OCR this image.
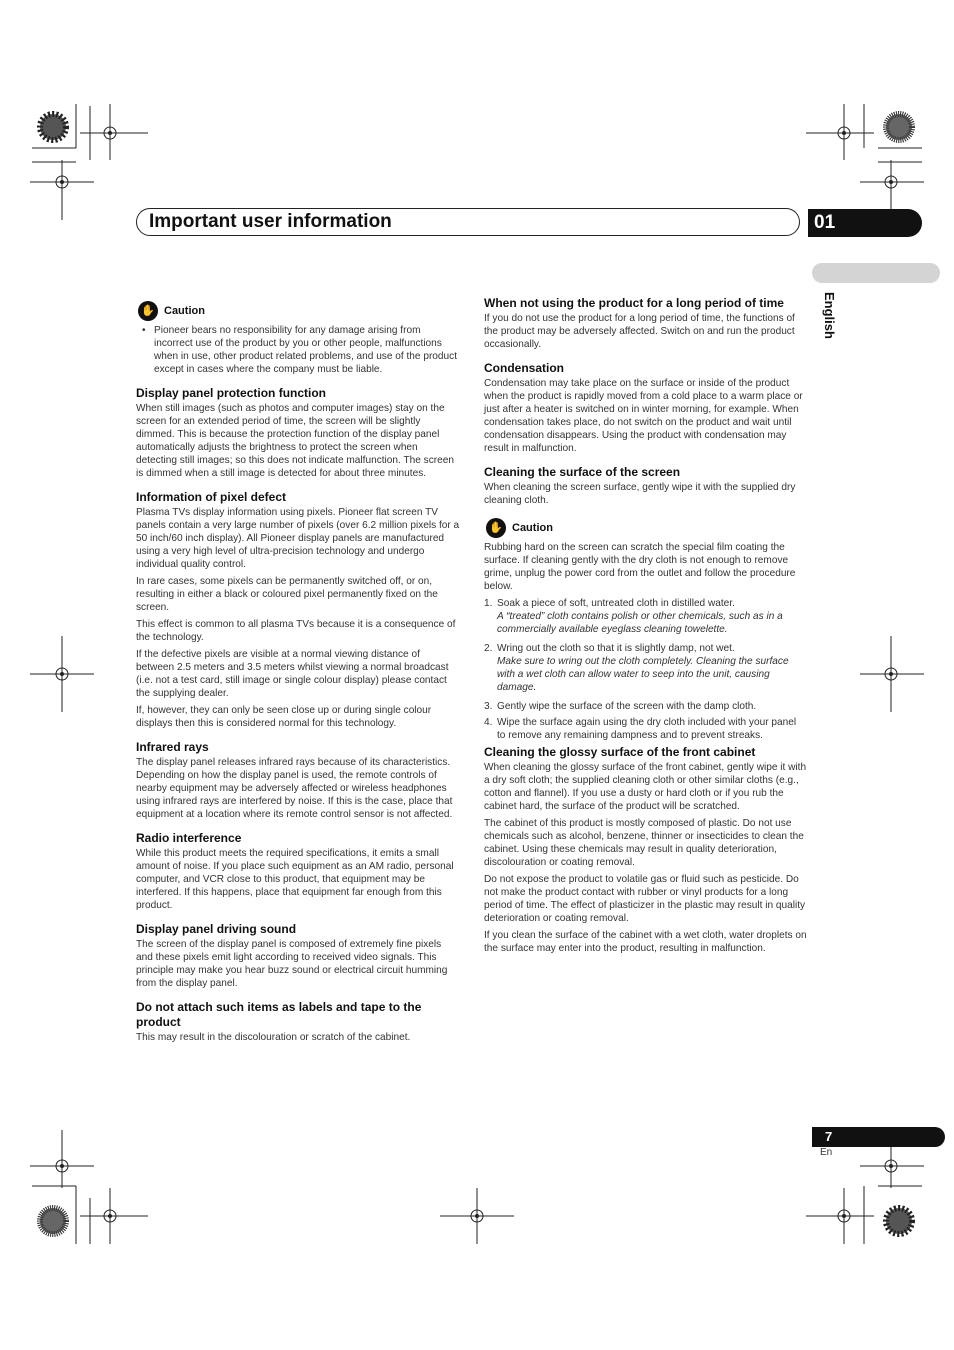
Important user information	01
English
✋ Caution
• Pioneer bears no responsibility for any damage arising from incorrect use of the product by you or other people, malfunctions when in use, other product related problems, and use of the product except in cases where the company must be liable.
Display panel protection function

When still images (such as photos and computer images) stay on the screen for an extended period of time, the screen will be slightly dimmed. This is because the protection function of the display panel automatically adjusts the brightness to protect the screen when detecting still images; so this does not indicate malfunction. The screen is dimmed when a still image is detected for about three minutes.

Information of pixel defect

Plasma TVs display information using pixels. Pioneer flat screen TV panels contain a very large number of pixels (over 6.2 million pixels for a 50 inch/60 inch display). All Pioneer display panels are manufactured using a very high level of ultra-precision technology and undergo individual quality control.

In rare cases, some pixels can be permanently switched off, or on, resulting in either a black or coloured pixel permanently fixed on the screen.

This effect is common to all plasma TVs because it is a consequence of the technology.

If the defective pixels are visible at a normal viewing distance of between 2.5 meters and 3.5 meters whilst viewing a normal broadcast (i.e. not a test card, still image or single colour display) please contact the supplying dealer.

If, however, they can only be seen close up or during single colour displays then this is considered normal for this technology.

Infrared rays

The display panel releases infrared rays because of its characteristics. Depending on how the display panel is used, the remote controls of nearby equipment may be adversely affected or wireless headphones using infrared rays are interfered by noise. If this is the case, place that equipment at a location where its remote control sensor is not affected.

Radio interference

While this product meets the required specifications, it emits a small amount of noise. If you place such equipment as an AM radio, personal computer, and VCR close to this product, that equipment may be interfered. If this happens, place that equipment far enough from this product.

Display panel driving sound

The screen of the display panel is composed of extremely fine pixels and these pixels emit light according to received video signals. This principle may make you hear buzz sound or electrical circuit humming from the display panel.

Do not attach such items as labels and tape to the product

This may result in the discolouration or scratch of the cabinet.

When not using the product for a long period of time

If you do not use the product for a long period of time, the functions of the product may be adversely affected. Switch on and run the product occasionally.

Condensation

Condensation may take place on the surface or inside of the product when the product is rapidly moved from a cold place to a warm place or just after a heater is switched on in winter morning, for example. When condensation takes place, do not switch on the product and wait until condensation disappears. Using the product with condensation may result in malfunction.

Cleaning the surface of the screen

When cleaning the screen surface, gently wipe it with the supplied dry cleaning cloth.

✋ Caution

Rubbing hard on the screen can scratch the special film coating the surface. If cleaning gently with the dry cloth is not enough to remove grime, unplug the power cord from the outlet and follow the procedure below.

1. Soak a piece of soft, untreated cloth in distilled water.
A “treated” cloth contains polish or other chemicals, such as in a commercially available eyeglass cleaning towelette.
2. Wring out the cloth so that it is slightly damp, not wet.
Make sure to wring out the cloth completely. Cleaning the surface with a wet cloth can allow water to seep into the unit, causing damage.
3. Gently wipe the surface of the screen with the damp cloth.
4. Wipe the surface again using the dry cloth included with your panel to remove any remaining dampness and to prevent streaks.
Cleaning the glossy surface of the front cabinet

When cleaning the glossy surface of the front cabinet, gently wipe it with a dry soft cloth; the supplied cleaning cloth or other similar cloths (e.g., cotton and flannel). If you use a dusty or hard cloth or if you rub the cabinet hard, the surface of the product will be scratched.

The cabinet of this product is mostly composed of plastic. Do not use chemicals such as alcohol, benzene, thinner or insecticides to clean the cabinet. Using these chemicals may result in quality deterioration, discolouration or coating removal.

Do not expose the product to volatile gas or fluid such as pesticide. Do not make the product contact with rubber or vinyl products for a long period of time. The effect of plasticizer in the plastic may result in quality deterioration or coating removal.

If you clean the surface of the cabinet with a wet cloth, water droplets on the surface may enter into the product, resulting in malfunction.

7
En
